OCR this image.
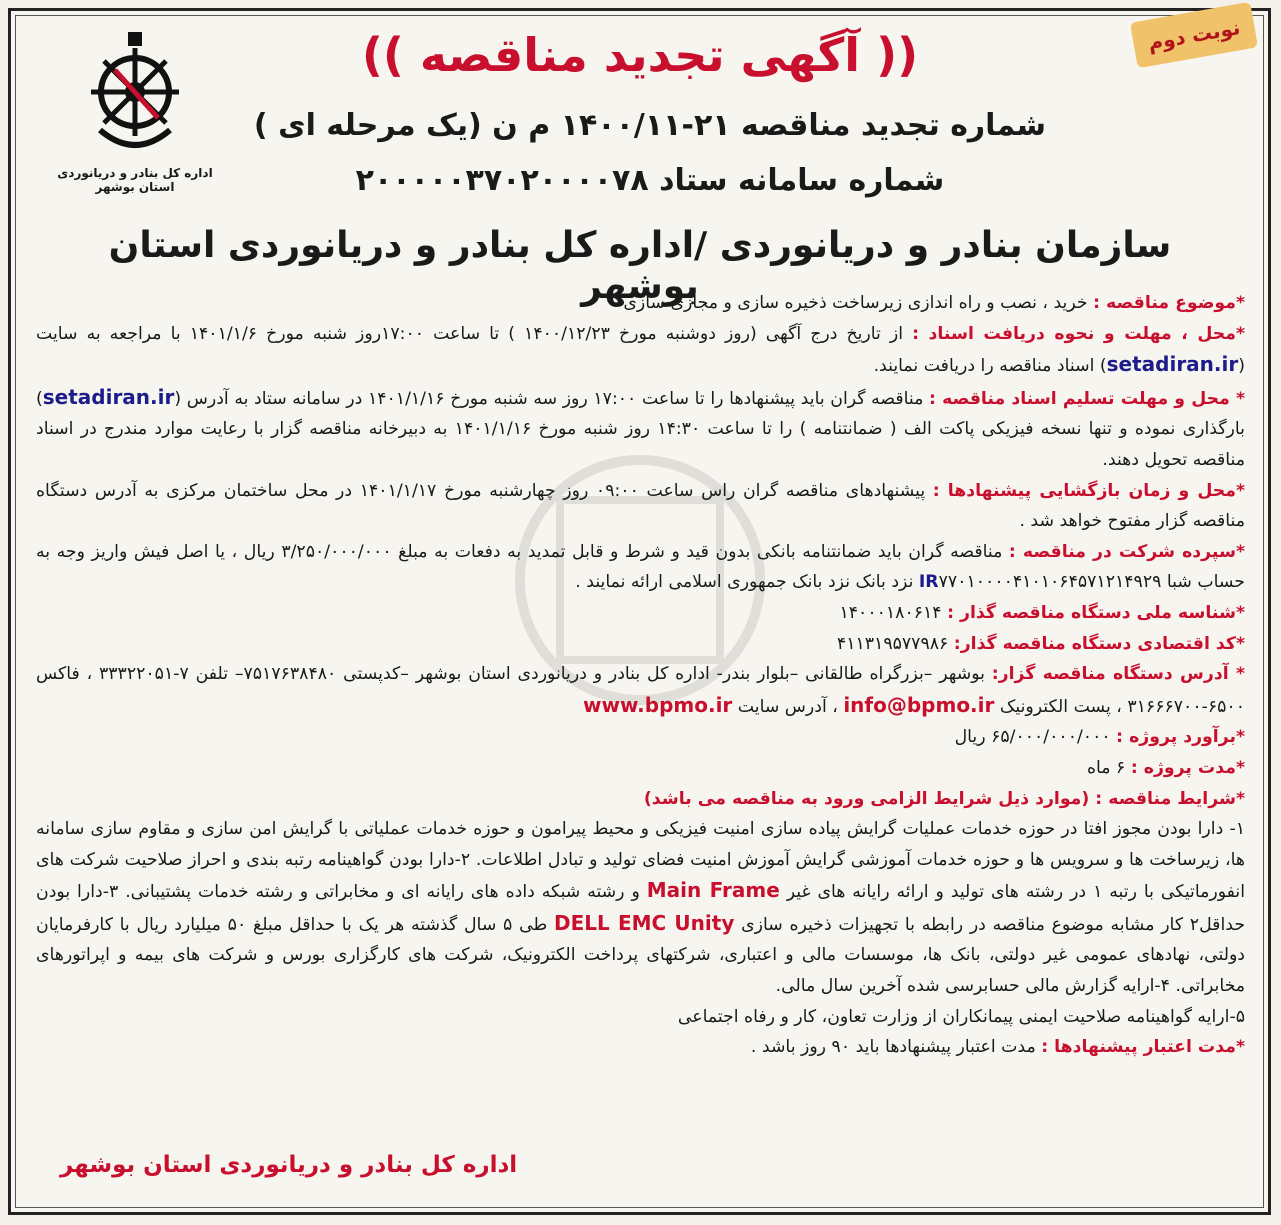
اداره کل بنادر و دریانوردی استان بوشهر
نوبت دوم
(( آگهی تجدید مناقصه ))
شماره تجدید مناقصه ۲۱-۱۴۰۰/۱۱ م ن (یک مرحله ای )
شماره سامانه ستاد ۲۰۰۰۰۰۳۷۰۲۰۰۰۰۷۸
سازمان بنادر و دریانوردی /اداره کل بنادر و دریانوردی استان بوشهر	*موضوع مناقصه : خرید ، نصب و راه اندازی زیرساخت ذخیره سازی و مجازی سازی

*محل ، مهلت و نحوه دریافت اسناد : از تاریخ درج آگهی (روز دوشنبه مورخ ۱۴۰۰/۱۲/۲۳ ) تا ساعت ۱۷:۰۰روز شنبه مورخ ۱۴۰۱/۱/۶ با مراجعه به سایت (setadiran.ir) اسناد مناقصه را دریافت نمایند.

* محل و مهلت تسلیم اسناد مناقصه : مناقصه گران باید پیشنهادها را تا ساعت ۱۷:۰۰ روز سه شنبه مورخ ۱۴۰۱/۱/۱۶ در سامانه ستاد به آدرس (setadiran.ir) بارگذاری نموده و تنها نسخه فیزیکی پاکت الف ( ضمانتنامه ) را تا ساعت ۱۴:۳۰ روز شنبه مورخ ۱۴۰۱/۱/۱۶ به دبیرخانه مناقصه گزار با رعایت موارد مندرج در اسناد مناقصه تحویل دهند.

*محل و زمان بازگشایی پیشنهادها : پیشنهادهای مناقصه گران راس ساعت ۰۹:۰۰ روز چهارشنبه مورخ ۱۴۰۱/۱/۱۷ در محل ساختمان مرکزی به آدرس دستگاه مناقصه گزار مفتوح خواهد شد .

*سپرده شرکت در مناقصه : مناقصه گران باید ضمانتنامه بانکی بدون قید و شرط و قابل تمدید به دفعات به مبلغ ۳/۲۵۰/۰۰۰/۰۰۰ ریال ، یا اصل فیش واریز وجه به حساب شبا IR۷۷۰۱۰۰۰۰۴۱۰۱۰۶۴۵۷۱۲۱۴۹۲۹ نزد بانک نزد بانک جمهوری اسلامی ارائه نمایند .

*شناسه ملی دستگاه مناقصه گذار : ۱۴۰۰۰۱۸۰۶۱۴

*کد اقتصادی دستگاه مناقصه گذار: ۴۱۱۳۱۹۵۷۷۹۸۶

* آدرس دستگاه مناقصه گزار: بوشهر –بزرگراه طالقانی –بلوار بندر- اداره کل بنادر و دریانوردی استان بوشهر –کدپستی ۷۵۱۷۶۳۸۴۸۰– تلفن ۷-۳۳۳۲۲۰۵۱ ، فاکس ۶۵۰۰-۳۱۶۶۶۷۰۰ ، پست الکترونیک info@bpmo.ir ، آدرس سایت www.bpmo.ir

*برآورد پروژه : ۶۵/۰۰۰/۰۰۰/۰۰۰ ریال

*مدت پروژه : ۶ ماه

*شرایط مناقصه : (موارد ذیل شرایط الزامی ورود به مناقصه می باشد)

۱- دارا بودن مجوز افتا در حوزه خدمات عملیات گرایش پیاده سازی امنیت فیزیکی و محیط پیرامون و حوزه خدمات عملیاتی با گرایش امن سازی و مقاوم سازی سامانه ها، زیرساخت ها و سرویس ها و حوزه خدمات آموزشی گرایش آموزش امنیت فضای تولید و تبادل اطلاعات. ۲-دارا بودن گواهینامه رتبه بندی و احراز صلاحیت شرکت های انفورماتیکی با رتبه ۱ در رشته های تولید و ارائه رایانه های غیر Main Frame و رشته شبکه داده های رایانه ای و مخابراتی و رشته خدمات پشتیبانی. ۳-دارا بودن حداقل۲ کار مشابه موضوع مناقصه در رابطه با تجهیزات ذخیره سازی DELL EMC Unity طی ۵ سال گذشته هر یک با حداقل مبلغ ۵۰ میلیارد ریال با کارفرمایان دولتی، نهادهای عمومی غیر دولتی، بانک ها، موسسات مالی و اعتباری، شرکتهای پرداخت الکترونیک، شرکت های کارگزاری بورس و شرکت های بیمه و اپراتورهای مخابراتی. ۴-ارایه گزارش مالی حسابرسی شده آخرین سال مالی.

۵-ارایه گواهینامه صلاحیت ایمنی پیمانکاران از وزارت تعاون، کار و رفاه اجتماعی

*مدت اعتبار پیشنهادها : مدت اعتبار پیشنهادها باید ۹۰ روز باشد .

اداره کل بنادر و دریانوردی استان بوشهر
